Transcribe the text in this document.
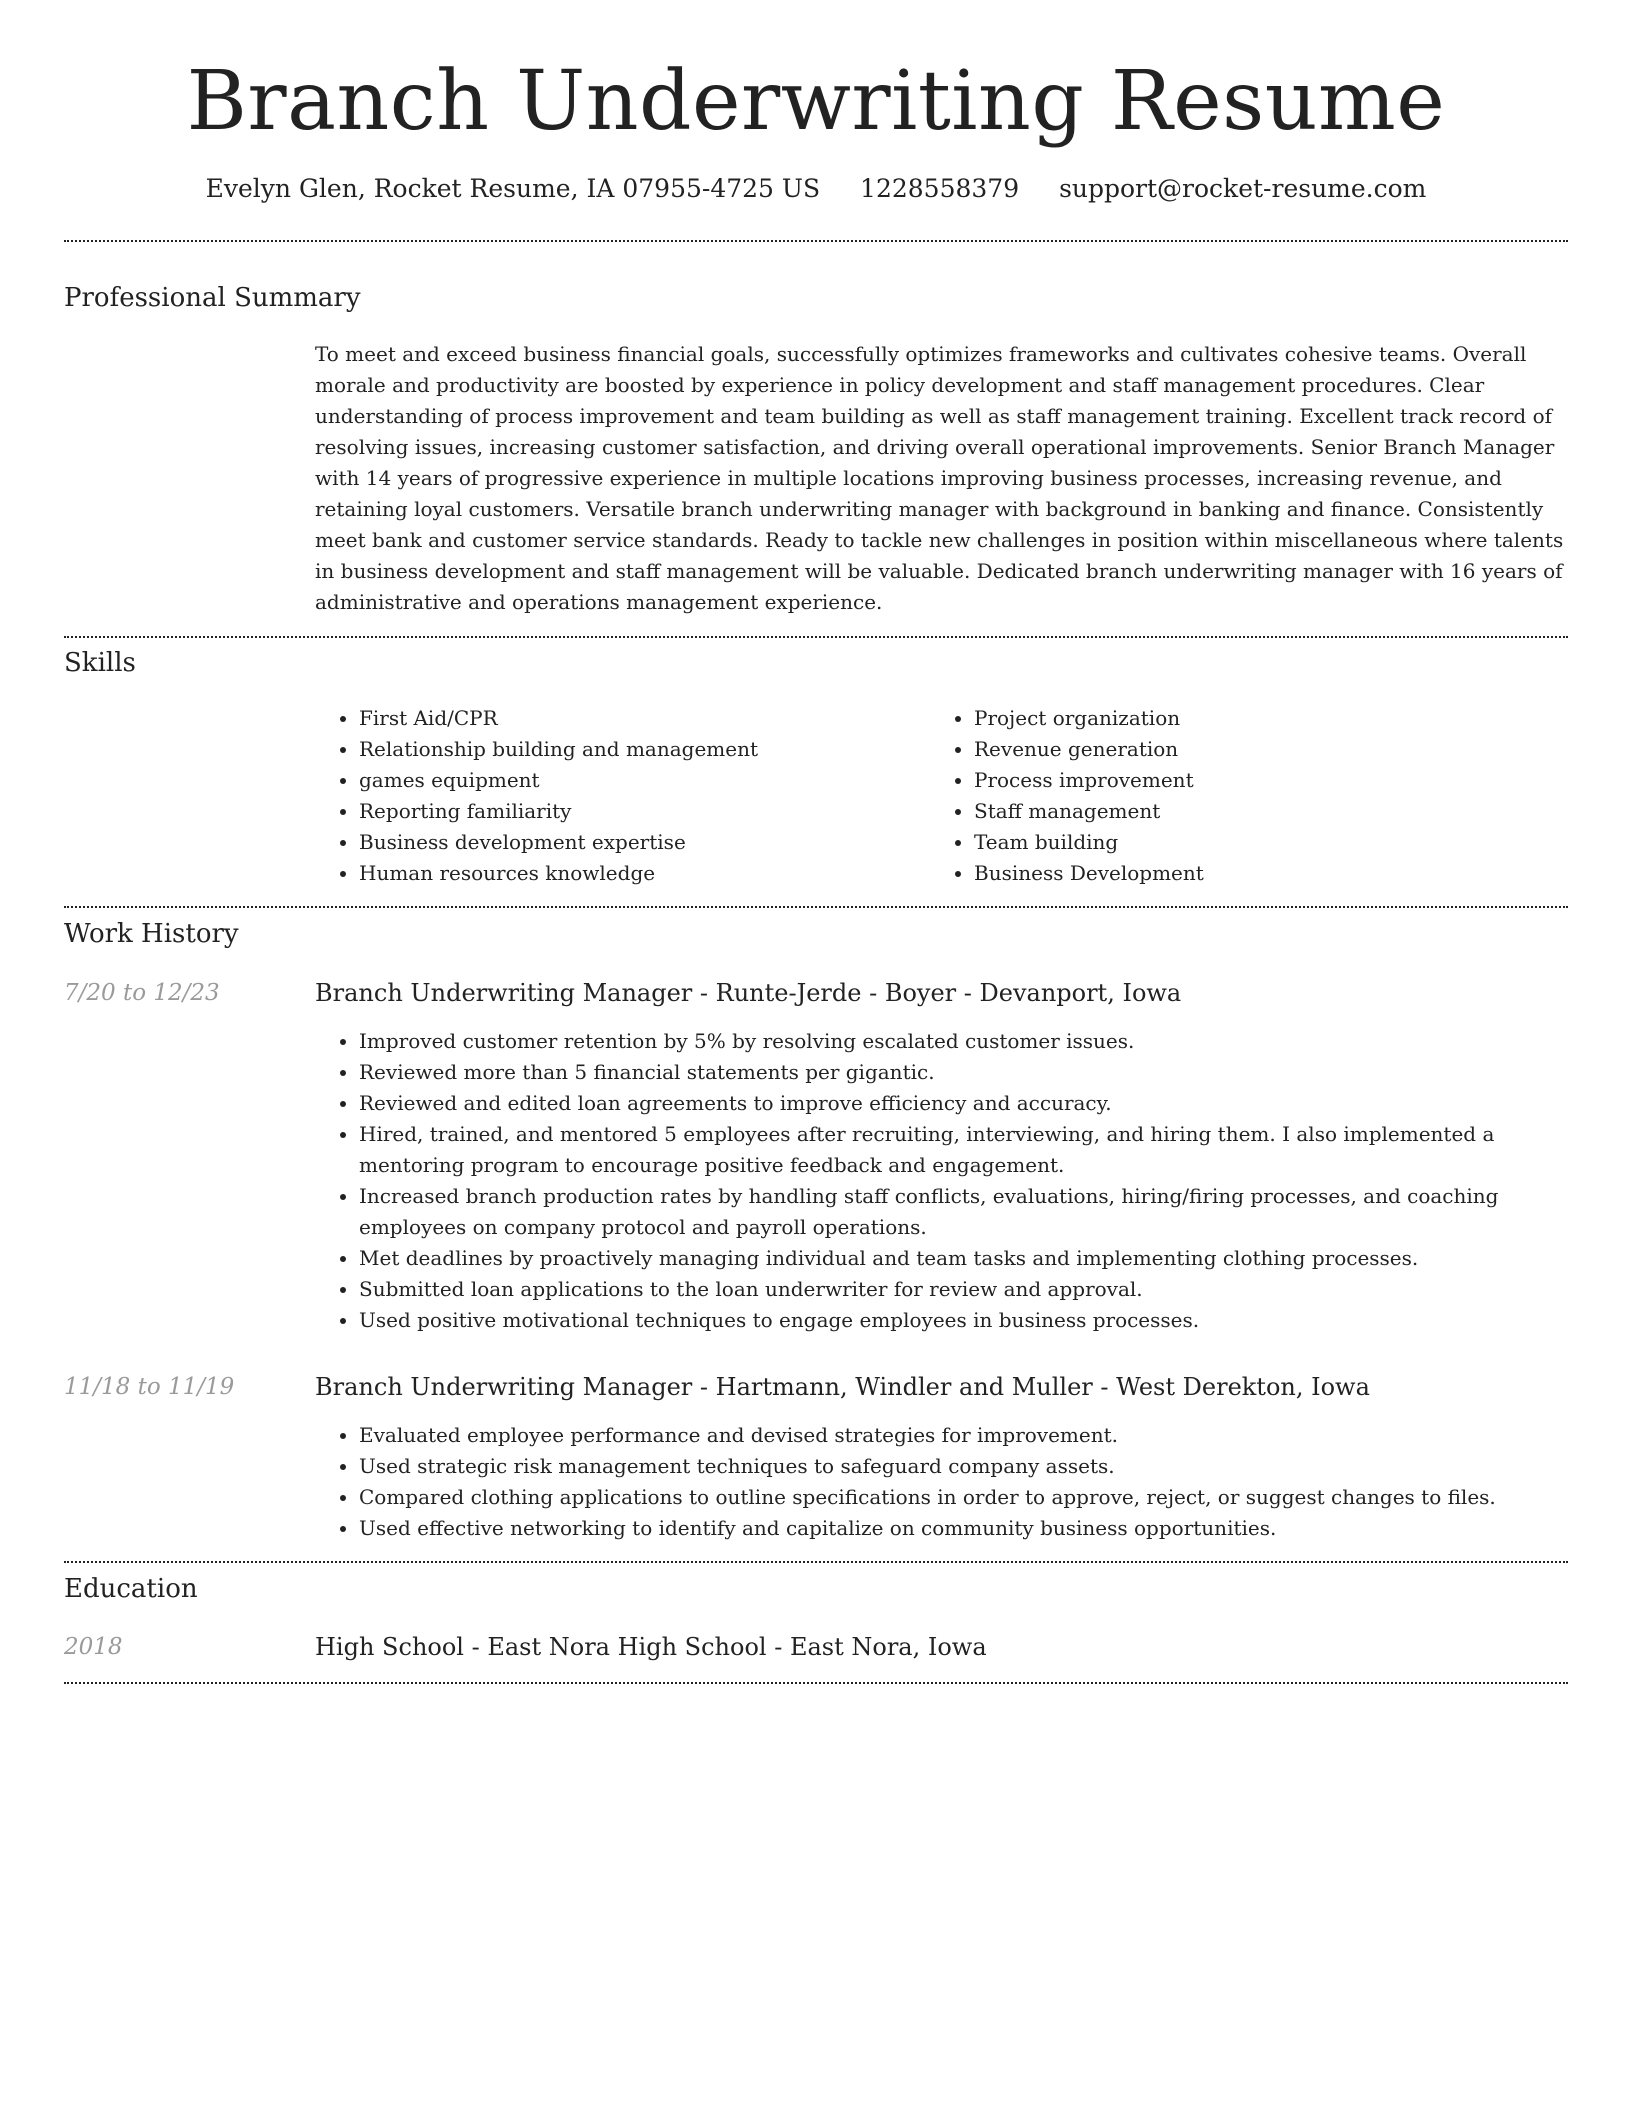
Branch Underwriting Resume
Evelyn Glen, Rocket Resume, IA 07955-4725 US 1228558379 support@rocket-resume.com
Professional Summary

To meet and exceed business financial goals, successfully optimizes frameworks and cultivates cohesive teams. Overall morale and productivity are boosted by experience in policy development and staff management procedures. Clear understanding of process improvement and team building as well as staff management training. Excellent track record of resolving issues, increasing customer satisfaction, and driving overall operational improvements. Senior Branch Manager with 14 years of progressive experience in multiple locations improving business processes, increasing revenue, and retaining loyal customers. Versatile branch underwriting manager with background in banking and finance. Consistently meet bank and customer service standards. Ready to tackle new challenges in position within miscellaneous where talents in business development and staff management will be valuable. Dedicated branch underwriting manager with 16 years of administrative and operations management experience.

Skills
• First Aid/CPR
• Relationship building and management
• games equipment
• Reporting familiarity
• Business development expertise
• Human resources knowledge
• Project organization
• Revenue generation
• Process improvement
• Staff management
• Team building
• Business Development
Work History
7/20 to 12/23	Branch Underwriting Manager - Runte-Jerde - Boyer - Devanport, Iowa
• Improved customer retention by 5% by resolving escalated customer issues.
• Reviewed more than 5 financial statements per gigantic.
• Reviewed and edited loan agreements to improve efficiency and accuracy.
• Hired, trained, and mentored 5 employees after recruiting, interviewing, and hiring them. I also implemented a mentoring program to encourage positive feedback and engagement.
• Increased branch production rates by handling staff conflicts, evaluations, hiring/firing processes, and coaching employees on company protocol and payroll operations.
• Met deadlines by proactively managing individual and team tasks and implementing clothing processes.
• Submitted loan applications to the loan underwriter for review and approval.
• Used positive motivational techniques to engage employees in business processes.
11/18 to 11/19	Branch Underwriting Manager - Hartmann, Windler and Muller - West Derekton, Iowa
• Evaluated employee performance and devised strategies for improvement.
• Used strategic risk management techniques to safeguard company assets.
• Compared clothing applications to outline specifications in order to approve, reject, or suggest changes to files.
• Used effective networking to identify and capitalize on community business opportunities.
Education
2018	High School - East Nora High School - East Nora, Iowa
